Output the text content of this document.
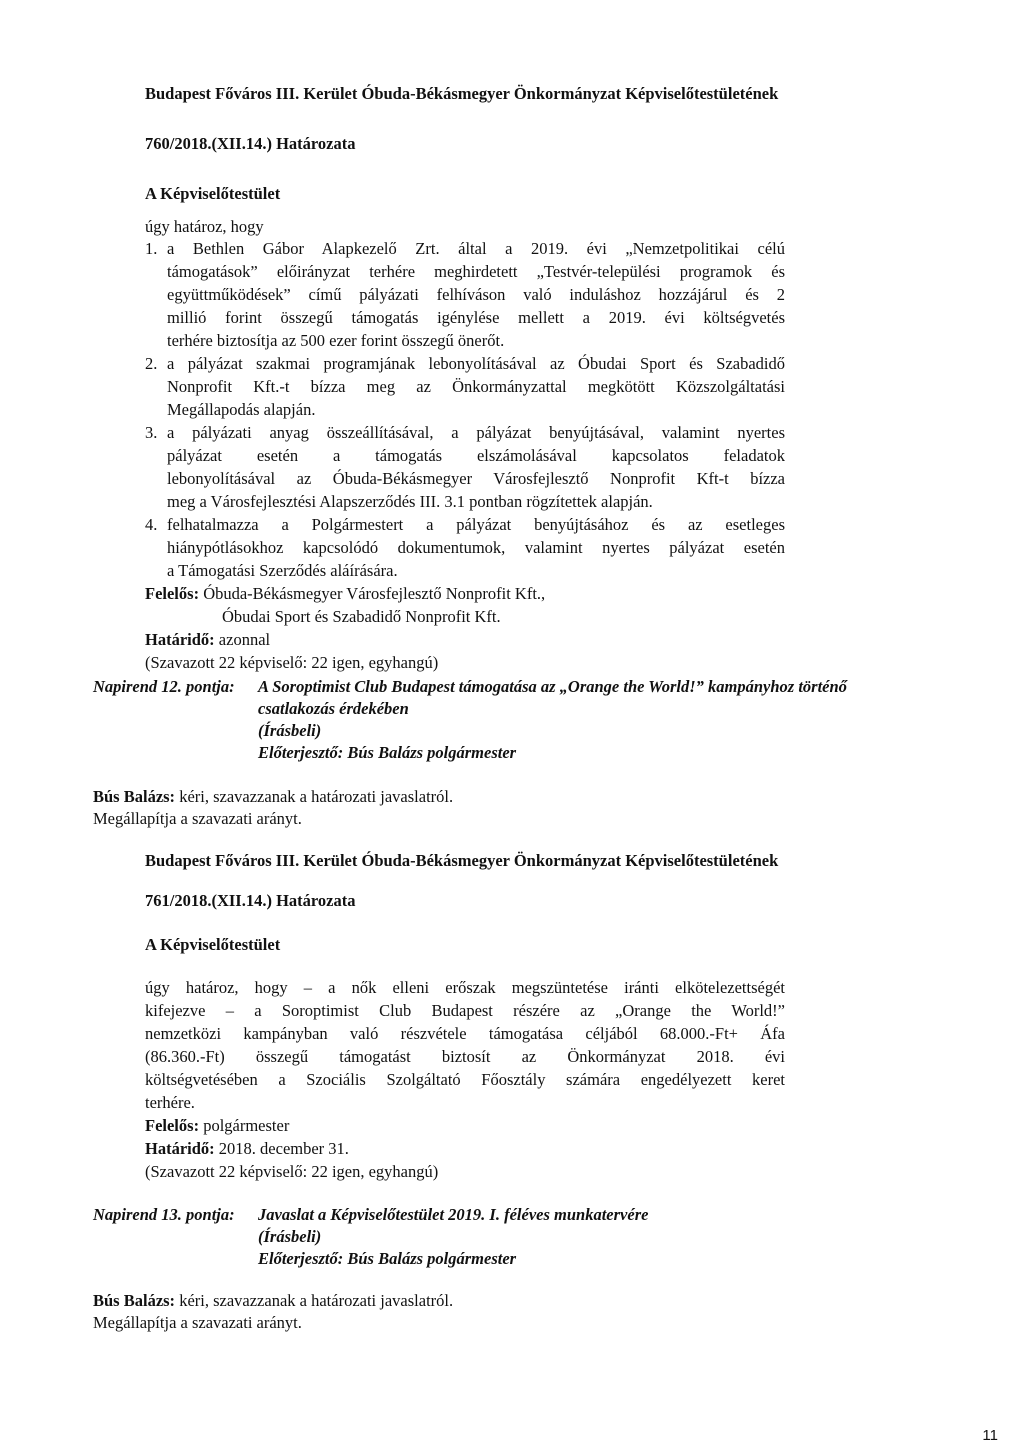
Budapest Főváros III. Kerület Óbuda-Békásmegyer Önkormányzat Képviselőtestületének
760/2018.(XII.14.) Határozata
A Képviselőtestület
úgy határoz, hogy
1. a Bethlen Gábor Alapkezelő Zrt. által a 2019. évi „Nemzetpolitikai célú
támogatások” előirányzat terhére meghirdetett „Testvér-települési programok és
együttműködések” című pályázati felhíváson való induláshoz hozzájárul és 2
millió forint összegű támogatás igénylése mellett a 2019. évi költségvetés
terhére biztosítja az 500 ezer forint összegű önerőt.
2. a pályázat szakmai programjának lebonyolításával az Óbudai Sport és Szabadidő
Nonprofit Kft.-t bízza meg az Önkormányzattal megkötött Közszolgáltatási
Megállapodás alapján.
3. a pályázati anyag összeállításával, a pályázat benyújtásával, valamint nyertes
pályázat esetén a támogatás elszámolásával kapcsolatos feladatok
lebonyolításával az Óbuda-Békásmegyer Városfejlesztő Nonprofit Kft-t bízza
meg a Városfejlesztési Alapszerződés III. 3.1 pontban rögzítettek alapján.
4. felhatalmazza a Polgármestert a pályázat benyújtásához és az esetleges
hiánypótlásokhoz kapcsolódó dokumentumok, valamint nyertes pályázat esetén
a Támogatási Szerződés aláírására.
Felelős: Óbuda-Békásmegyer Városfejlesztő Nonprofit Kft.,
Óbudai Sport és Szabadidő Nonprofit Kft.
Határidő: azonnal
(Szavazott 22 képviselő: 22 igen, egyhangú)
Napirend 12. pontja: A Soroptimist Club Budapest támogatása az „Orange the World!” kampányhoz történő
csatlakozás érdekében
(Írásbeli)
Előterjesztő: Bús Balázs polgármester
Bús Balázs: kéri, szavazzanak a határozati javaslatról.
Megállapítja a szavazati arányt.
Budapest Főváros III. Kerület Óbuda-Békásmegyer Önkormányzat Képviselőtestületének
761/2018.(XII.14.) Határozata
A Képviselőtestület
úgy határoz, hogy – a nők elleni erőszak megszüntetése iránti elkötelezettségét
kifejezve – a Soroptimist Club Budapest részére az „Orange the World!”
nemzetközi kampányban való részvétele támogatása céljából 68.000.-Ft+ Áfa
(86.360.-Ft) összegű támogatást biztosít az Önkormányzat 2018. évi
költségvetésében a Szociális Szolgáltató Főosztály számára engedélyezett keret
terhére.
Felelős: polgármester
Határidő: 2018. december 31.
(Szavazott 22 képviselő: 22 igen, egyhangú)
Napirend 13. pontja: Javaslat a Képviselőtestület 2019. I. féléves munkatervére
(Írásbeli)
Előterjesztő: Bús Balázs polgármester
Bús Balázs: kéri, szavazzanak a határozati javaslatról.
Megállapítja a szavazati arányt.
11
